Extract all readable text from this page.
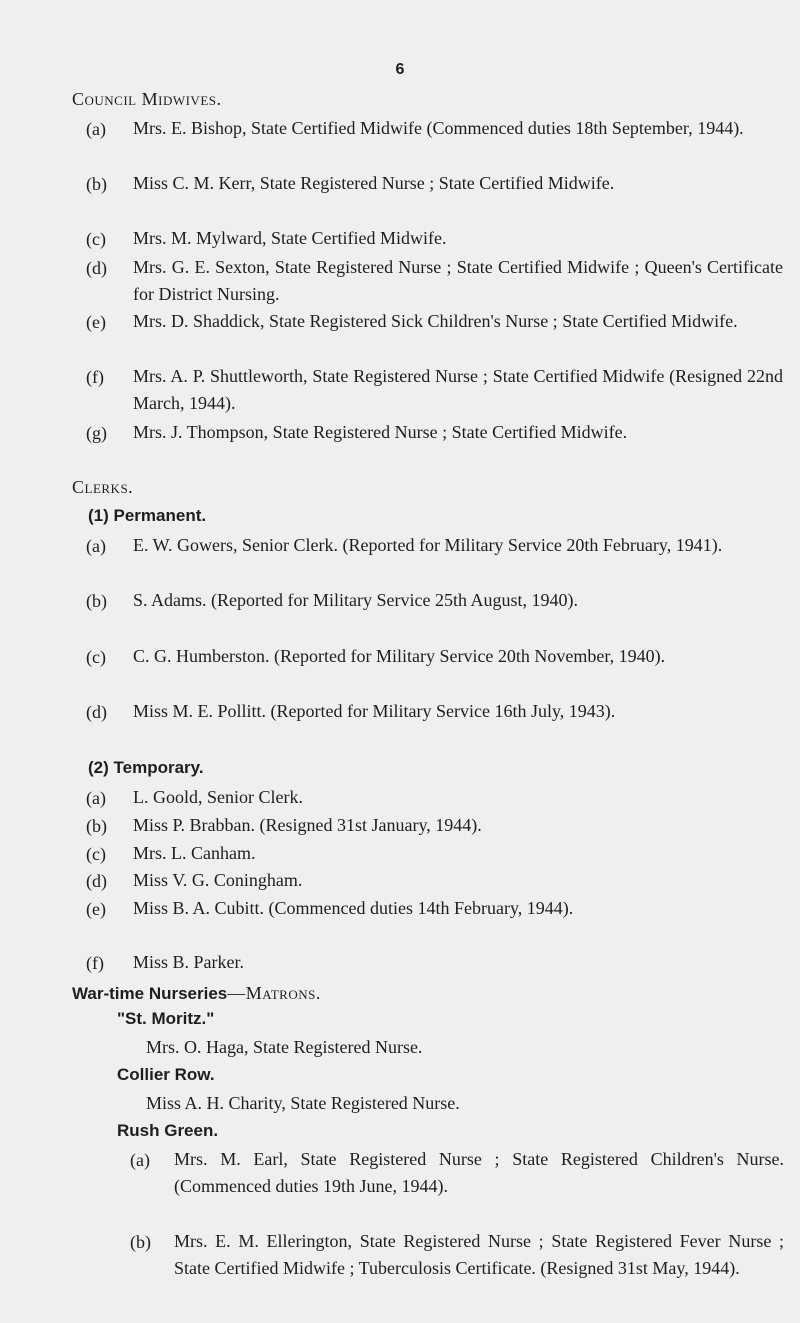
6
Council Midwives.
(a) Mrs. E. Bishop, State Certified Midwife (Commenced duties 18th September, 1944).
(b) Miss C. M. Kerr, State Registered Nurse ; State Certified Midwife.
(c) Mrs. M. Mylward, State Certified Midwife.
(d) Mrs. G. E. Sexton, State Registered Nurse ; State Certified Midwife ; Queen's Certificate for District Nursing.
(e) Mrs. D. Shaddick, State Registered Sick Children's Nurse ; State Certified Midwife.
(f) Mrs. A. P. Shuttleworth, State Registered Nurse ; State Certified Midwife (Resigned 22nd March, 1944).
(g) Mrs. J. Thompson, State Registered Nurse ; State Certified Midwife.
Clerks.
(1) Permanent.
(a) E. W. Gowers, Senior Clerk. (Reported for Military Service 20th February, 1941).
(b) S. Adams. (Reported for Military Service 25th August, 1940).
(c) C. G. Humberston. (Reported for Military Service 20th November, 1940).
(d) Miss M. E. Pollitt. (Reported for Military Service 16th July, 1943).
(2) Temporary.
(a) L. Goold, Senior Clerk.
(b) Miss P. Brabban. (Resigned 31st January, 1944).
(c) Mrs. L. Canham.
(d) Miss V. G. Coningham.
(e) Miss B. A. Cubitt. (Commenced duties 14th February, 1944).
(f) Miss B. Parker.
War-time Nurseries—Matrons.
"St. Moritz."
Mrs. O. Haga, State Registered Nurse.
Collier Row.
Miss A. H. Charity, State Registered Nurse.
Rush Green.
(a) Mrs. M. Earl, State Registered Nurse ; State Registered Children's Nurse. (Commenced duties 19th June, 1944).
(b) Mrs. E. M. Ellerington, State Registered Nurse ; State Registered Fever Nurse ; State Certified Midwife ; Tuberculosis Certificate. (Resigned 31st May, 1944).
